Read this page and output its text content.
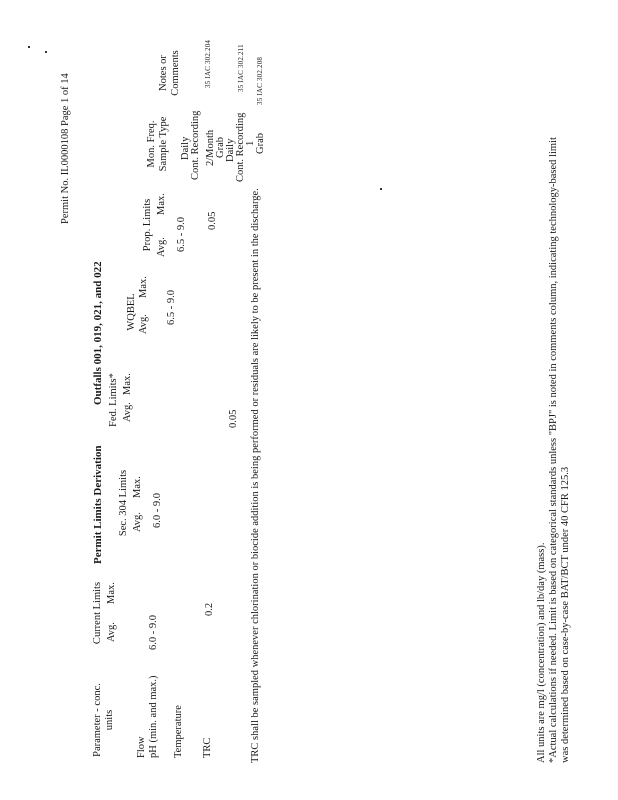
Permit No. IL0000108 Page 1 of 14
Permit Limits Derivation
Outfalls 001, 019, 021, and 022
Parameter - conc. units
Current Limits Avg.
Max.
Sec. 304 Limits Avg.
Max.
Fed. Limits* Avg.
Max.
WQBEL Avg.
Max.
Prop. Limits Avg.
Max.
Mon. Freq. Sample Type
Notes or Comments
Flow
Daily Cont. Recording
pH (min. and max.)
6.0 - 9.0
6.0 - 9.0
6.5 - 9.0
6.5 - 9.0
2/Month Grab
35 IAC 302.204
Temperature
Daily Cont. Recording
35 IAC 302.211
TRC
0.2
0.05
0.05
1 Grab
35 IAC 302.208
TRC shall be sampled whenever chlorination or biocide addition is being performed or residuals are likely to be present in the discharge.	All units are mg/l (concentration) and lb/day (mass). *Actual calculations if needed. Limit is based on categorical standards unless "BPJ" is noted in comments column, indicating technology-based limit was determined based on case-by-case BAT/BCT under 40 CFR 125.3
